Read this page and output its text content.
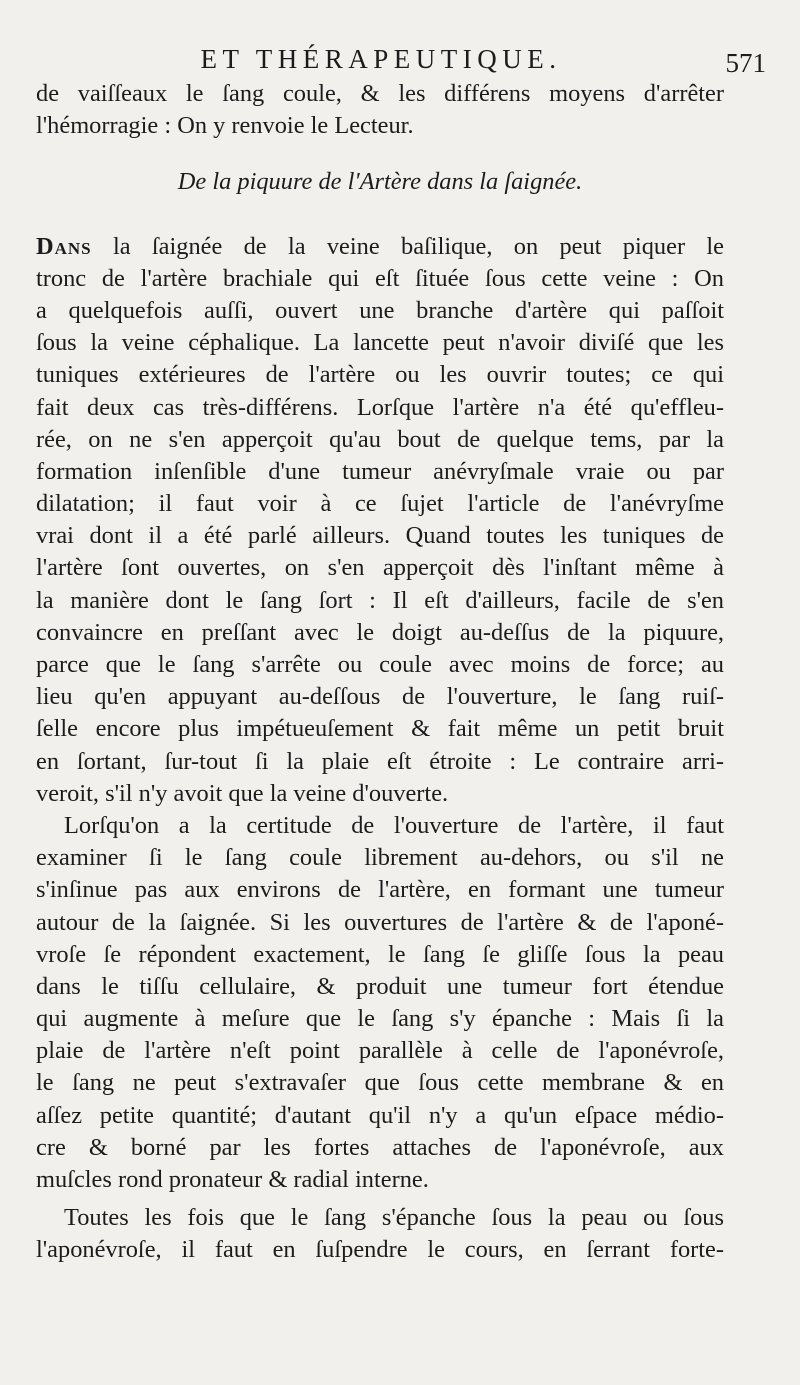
ET THÉRAPEUTIQUE.	571
de vaiſſeaux le ſang coule, & les différens moyens d'arrêter
l'hémorragie : On y renvoie le Lecteur.
De la piquure de l'Artère dans la ſaignée.
Dans la ſaignée de la veine baſilique, on peut piquer le
tronc de l'artère brachiale qui eſt ſituée ſous cette veine : On
a quelquefois auſſi, ouvert une branche d'artère qui paſſoit
ſous la veine céphalique. La lancette peut n'avoir diviſé que les
tuniques extérieures de l'artère ou les ouvrir toutes; ce qui
fait deux cas très-différens. Lorſque l'artère n'a été qu'effleu-
rée, on ne s'en apperçoit qu'au bout de quelque tems, par la
formation inſenſible d'une tumeur anévryſmale vraie ou par
dilatation; il faut voir à ce ſujet l'article de l'anévryſme
vrai dont il a été parlé ailleurs. Quand toutes les tuniques de
l'artère ſont ouvertes, on s'en apperçoit dès l'inſtant même à
la manière dont le ſang ſort : Il eſt d'ailleurs, facile de s'en
convaincre en preſſant avec le doigt au-deſſus de la piquure,
parce que le ſang s'arrête ou coule avec moins de force; au
lieu qu'en appuyant au-deſſous de l'ouverture, le ſang ruiſ-
ſelle encore plus impétueuſement & fait même un petit bruit
en ſortant, ſur-tout ſi la plaie eſt étroite : Le contraire arri-
veroit, s'il n'y avoit que la veine d'ouverte.
Lorſqu'on a la certitude de l'ouverture de l'artère, il faut
examiner ſi le ſang coule librement au-dehors, ou s'il ne
s'inſinue pas aux environs de l'artère, en formant une tumeur
autour de la ſaignée. Si les ouvertures de l'artère & de l'aponé-
vroſe ſe répondent exactement, le ſang ſe gliſſe ſous la peau
dans le tiſſu cellulaire, & produit une tumeur fort étendue
qui augmente à meſure que le ſang s'y épanche : Mais ſi la
plaie de l'artère n'eſt point parallèle à celle de l'aponévroſe,
le ſang ne peut s'extravaſer que ſous cette membrane & en
aſſez petite quantité; d'autant qu'il n'y a qu'un eſpace médio-
cre & borné par les fortes attaches de l'aponévroſe, aux
muſcles rond pronateur & radial interne.
Toutes les fois que le ſang s'épanche ſous la peau ou ſous
l'aponévroſe, il faut en ſuſpendre le cours, en ſerrant forte-
